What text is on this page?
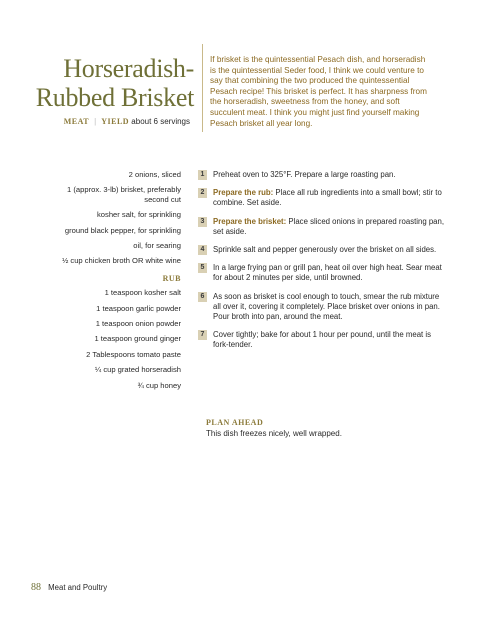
Horseradish-
Rubbed Brisket
MEAT | YIELD about 6 servings
If brisket is the quintessential Pesach dish, and horseradish is the quintessential Seder food, I think we could venture to say that combining the two produced the quintessential Pesach recipe! This brisket is perfect. It has sharpness from the horseradish, sweetness from the honey, and soft succulent meat. I think you might just find yourself making Pesach brisket all year long.
2 onions, sliced
1 (approx. 3-lb) brisket, preferably second cut
kosher salt, for sprinkling
ground black pepper, for sprinkling
oil, for searing
½ cup chicken broth OR white wine
RUB
1 teaspoon kosher salt
1 teaspoon garlic powder
1 teaspoon onion powder
1 teaspoon ground ginger
2 Tablespoons tomato paste
¼ cup grated horseradish
¾ cup honey
1	Preheat oven to 325°F. Prepare a large roasting pan.
2	Prepare the rub: Place all rub ingredients into a small bowl; stir to combine. Set aside.
3	Prepare the brisket: Place sliced onions in prepared roasting pan, set aside.
4	Sprinkle salt and pepper generously over the brisket on all sides.
5	In a large frying pan or grill pan, heat oil over high heat. Sear meat for about 2 minutes per side, until browned.
6	As soon as brisket is cool enough to touch, smear the rub mixture all over it, covering it completely. Place brisket over onions in pan. Pour broth into pan, around the meat.
7	Cover tightly; bake for about 1 hour per pound, until the meat is fork-tender.
PLAN AHEAD
This dish freezes nicely, well wrapped.
88 Meat and Poultry
